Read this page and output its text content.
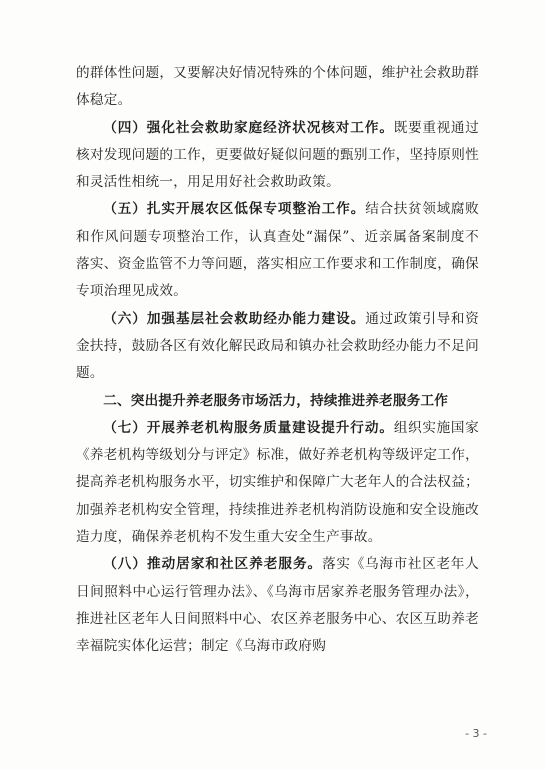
的群体性问题，又要解决好情况特殊的个体问题，维护社会救助群体稳定。

（四）强化社会救助家庭经济状况核对工作。既要重视通过核对发现问题的工作，更要做好疑似问题的甄别工作，坚持原则性和灵活性相统一，用足用好社会救助政策。

（五）扎实开展农区低保专项整治工作。结合扶贫领域腐败和作风问题专项整治工作，认真查处“漏保”、近亲属备案制度不落实、资金监管不力等问题，落实相应工作要求和工作制度，确保专项治理见成效。

（六）加强基层社会救助经办能力建设。通过政策引导和资金扶持，鼓励各区有效化解民政局和镇办社会救助经办能力不足问题。

二、突出提升养老服务市场活力，持续推进养老服务工作

（七）开展养老机构服务质量建设提升行动。组织实施国家《养老机构等级划分与评定》标准，做好养老机构等级评定工作，提高养老机构服务水平，切实维护和保障广大老年人的合法权益；加强养老机构安全管理，持续推进养老机构消防设施和安全设施改造力度，确保养老机构不发生重大安全生产事故。

（八）推动居家和社区养老服务。落实《乌海市社区老年人日间照料中心运行管理办法》、《乌海市居家养老服务管理办法》，推进社区老年人日间照料中心、农区养老服务中心、农区互助养老幸福院实体化运营；制定《乌海市政府购

- 3 -
